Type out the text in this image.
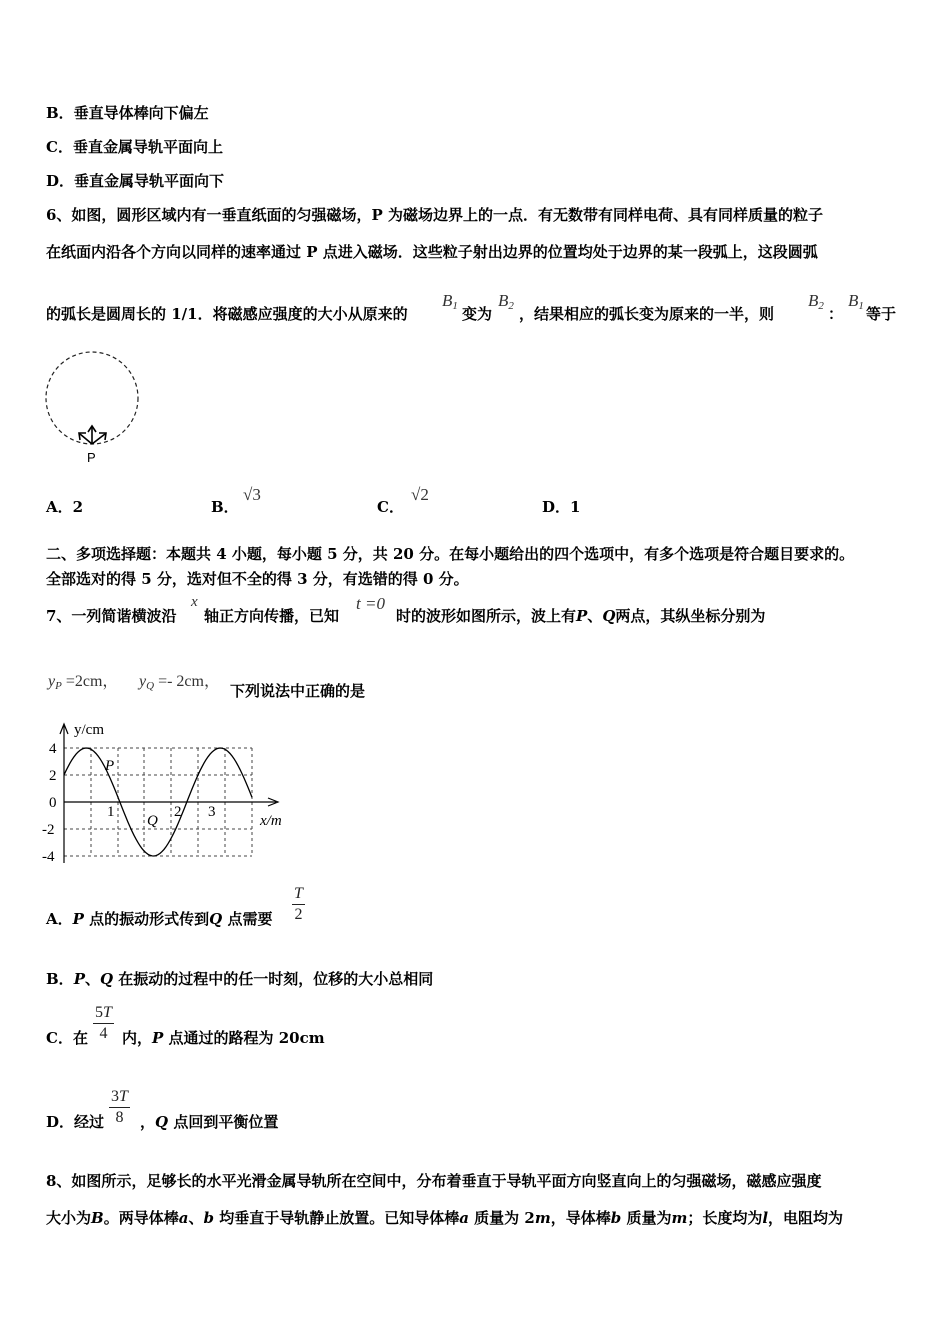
B．垂直导体棒向下偏左
C．垂直金属导轨平面向上
D．垂直金属导轨平面向下
6、如图，圆形区域内有一垂直纸面的匀强磁场，P 为磁场边界上的一点．有无数带有同样电荷、具有同样质量的粒子
在纸面内沿各个方向以同样的速率通过 P 点进入磁场．这些粒子射出边界的位置均处于边界的某一段弧上，这段圆弧
的弧长是圆周长的 1/1．将磁感应强度的大小从原来的
$B_1$ 变为
$B_2$ ，结果相应的弧长变为原来的一半，则
$B_2$ ：
$B_1$ 等于
P
A．2	B．
√3
C．
√2
D．1
二、多项选择题：本题共 4 小题，每小题 5 分，共 20 分。在每小题给出的四个选项中，有多个选项是符合题目要求的。
全部选对的得 5 分，选对但不全的得 3 分，有选错的得 0 分。
7、一列简谐横波沿
x
轴正方向传播，已知
t =0
时的波形如图所示，波上有P、Q两点，其纵坐标分别为
$y_P =2cm$， $y_Q =- 2cm$，
下列说法中正确的是
y/cm
x/m
4
2
0
-2
-4
1	2 3
P
Q
A．P 点的振动形式传到Q 点需要 $\frac{T}{2}$
B．P、Q 在振动的过程中的任一时刻，位移的大小总相同
C．在 $\frac{5T}{4}$ 内，P 点通过的路程为 20cm
D．经过 $\frac{3T}{8}$ ，Q 点回到平衡位置
8、如图所示，足够长的水平光滑金属导轨所在空间中，分布着垂直于导轨平面方向竖直向上的匀强磁场，磁感应强度
大小为B。两导体棒a、b 均垂直于导轨静止放置。已知导体棒a 质量为 2m，导体棒b 质量为m；长度均为l，电阻均为
